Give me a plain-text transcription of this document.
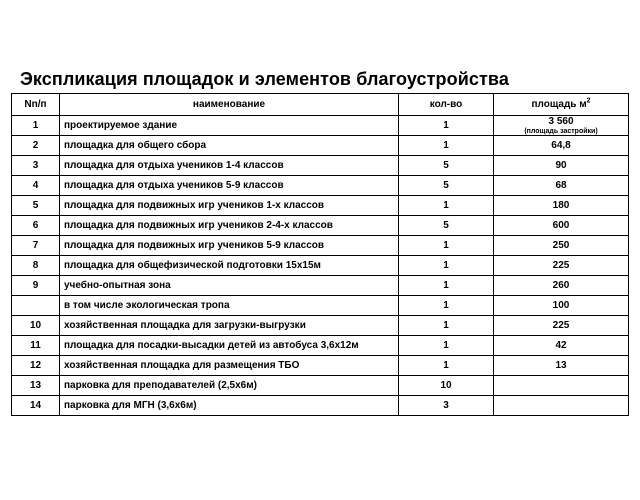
Экспликация площадок и элементов благоустройства
Nn/п	наименование	кол-во	площадь $м^2$
1	проектируемое здание	1	3 560
(площадь застройки)

2	площадка для общего сбора	1	64,8
3	площадка для отдыха учеников 1-4 классов	5	90
4	площадка для отдыха учеников 5-9 классов	5	68
5	площадка для подвижных игр учеников 1-х классов	1	180
6	площадка для подвижных игр учеников 2-4-х классов	5	600
7	площадка для подвижных игр учеников 5-9 классов	1	250
8	площадка для общефизической подготовки 15х15м	1	225
9	учебно-опытная зона	1	260
	в том числе экологическая тропа	1	100
10	хозяйственная площадка для загрузки-выгрузки	1	225
11	площадка для посадки-высадки детей из автобуса 3,6х12м	1	42
12	хозяйственная площадка для размещения ТБО	1	13
13	парковка для преподавателей (2,5х6м)	10	
14	парковка для МГН (3,6х6м)	3	
